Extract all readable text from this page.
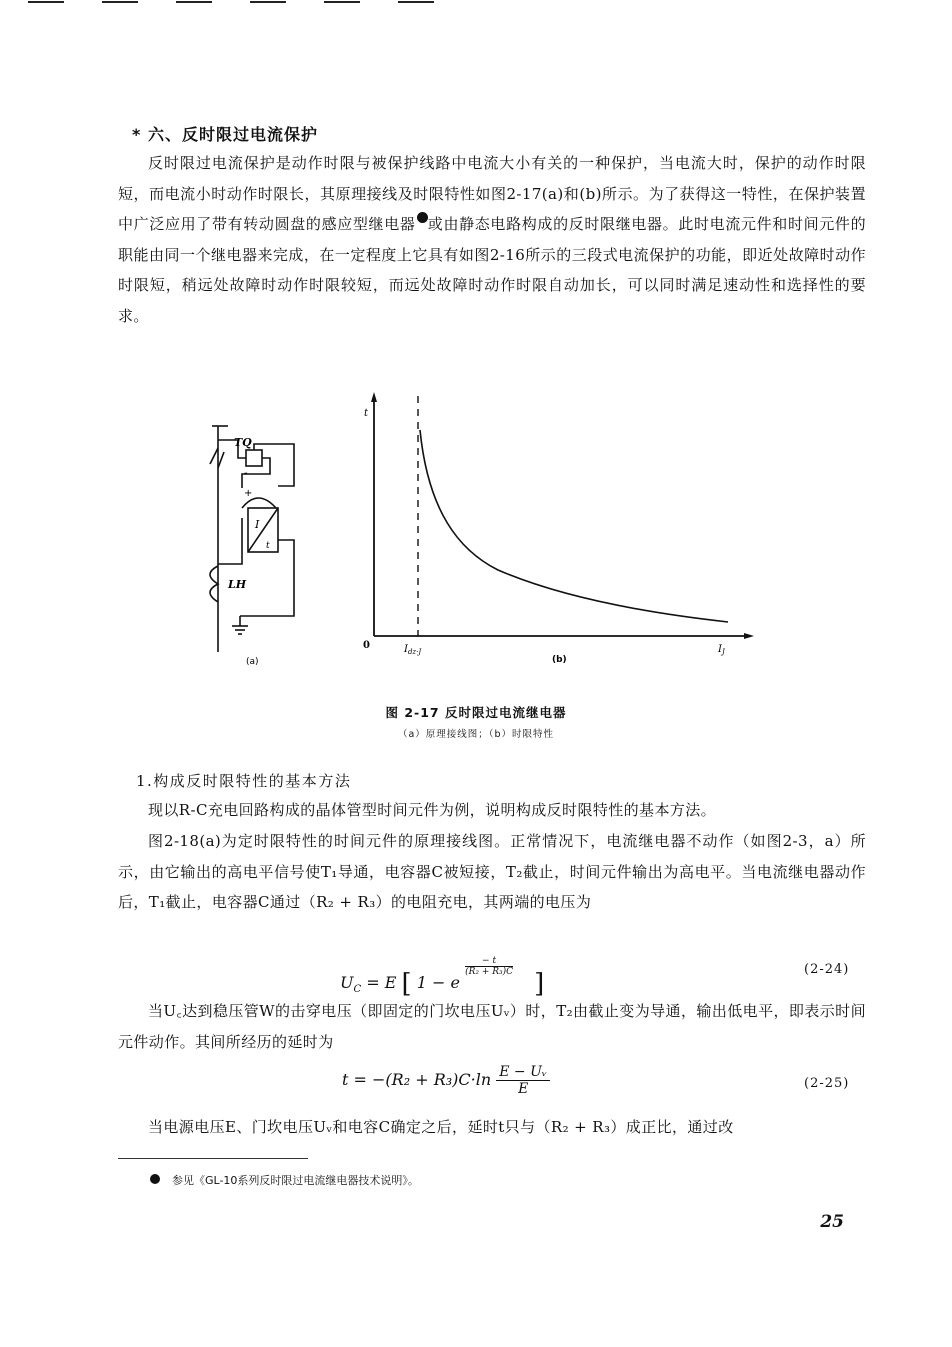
* 六、反时限过电流保护

反时限过电流保护是动作时限与被保护线路中电流大小有关的一种保护，当电流大时，保护的动作时限短，而电流小时动作时限长，其原理接线及时限特性如图2-17(a)和(b)所示。为了获得这一特性，在保护装置中广泛应用了带有转动圆盘的感应型继电器 或由静态电路构成的反时限继电器。此时电流元件和时间元件的职能由同一个继电器来完成，在一定程度上它具有如图2-16所示的三段式电流保护的功能，即近处故障时动作时限短，稍远处故障时动作时限较短，而远处故障时动作时限自动加长，可以同时满足速动性和选择性的要求。

TQ
+
-
I
t
LH
(a)
t
0	$I_{dz\cdot J}$	$I_J$
(b)
图 2-17 反时限过电流继电器
（a）原理接线图；（b）时限特性

1.构成反时限特性的基本方法

现以R-C充电回路构成的晶体管型时间元件为例，说明构成反时限特性的基本方法。

图2-18(a)为定时限特性的时间元件的原理接线图。正常情况下，电流继电器不动作（如图2-3，a）所示，由它输出的高电平信号使T₁导通，电容器C被短接，T₂截止，时间元件输出为高电平。当电流继电器动作后，T₁截止，电容器C通过（R₂ + R₃）的电阻充电，其两端的电压为

$U_C = E$ [ 1 − e
$\frac{- t}{\text{(R₂ + R₃)C}}$
]	(2-24)

当U꜀达到稳压管W的击穿电压（即固定的门坎电压Uᵥ）时，T₂由截止变为导通，输出低电平，即表示时间元件动作。其间所经历的延时为

$t = -(R_2 + R_3)C\cdot\ln \frac{\text{E − Uᵥ}}{E}$	(2-25)

当电源电压E、门坎电压Uᵥ和电容C确定之后，延时t只与（R₂ + R₃）成正比，通过改

参见《GL-10系列反时限过电流继电器技术说明》。
25
